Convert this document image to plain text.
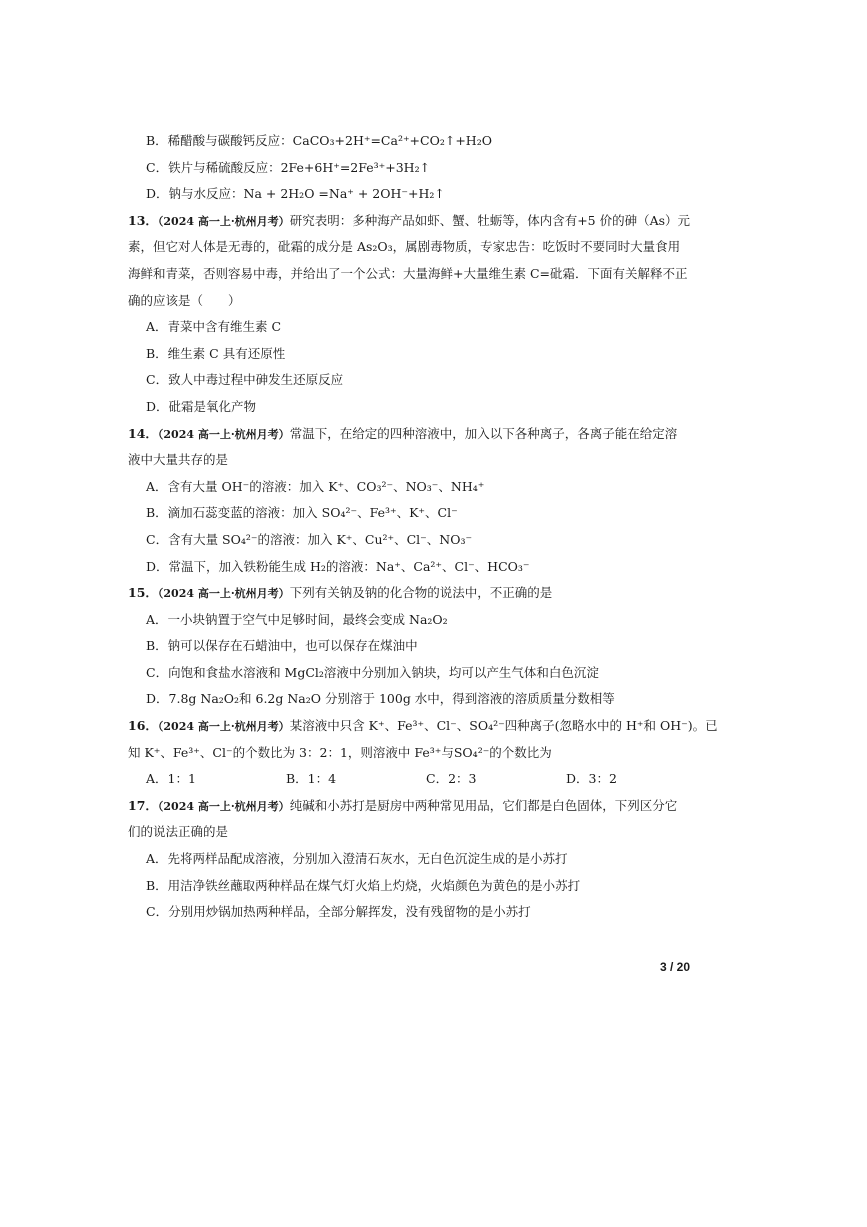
B．稀醋酸与碳酸钙反应：CaCO₃+2H⁺=Ca²⁺+CO₂↑+H₂O
C．铁片与稀硫酸反应：2Fe+6H⁺=2Fe³⁺+3H₂↑
D．钠与水反应：Na + 2H₂O =Na⁺ + 2OH⁻+H₂↑
13．（2024 高一上·杭州月考）研究表明：多种海产品如虾、蟹、牡蛎等，体内含有+5 价的砷（As）元
素，但它对人体是无毒的，砒霜的成分是 As₂O₃，属剧毒物质，专家忠告：吃饭时不要同时大量食用
海鲜和青菜，否则容易中毒，并给出了一个公式：大量海鲜+大量维生素 C=砒霜．下面有关解释不正
确的应该是（　　）
A．青菜中含有维生素 C
B．维生素 C 具有还原性
C．致人中毒过程中砷发生还原反应
D．砒霜是氧化产物
14．（2024 高一上·杭州月考）常温下，在给定的四种溶液中，加入以下各种离子，各离子能在给定溶
液中大量共存的是
A．含有大量 OH⁻的溶液：加入 K⁺、CO₃²⁻、NO₃⁻、NH₄⁺
B．滴加石蕊变蓝的溶液：加入 SO₄²⁻、Fe³⁺、K⁺、Cl⁻
C．含有大量 SO₄²⁻的溶液：加入 K⁺、Cu²⁺、Cl⁻、NO₃⁻
D．常温下，加入铁粉能生成 H₂的溶液：Na⁺、Ca²⁺、Cl⁻、HCO₃⁻
15．（2024 高一上·杭州月考）下列有关钠及钠的化合物的说法中，不正确的是
A．一小块钠置于空气中足够时间，最终会变成 Na₂O₂
B．钠可以保存在石蜡油中，也可以保存在煤油中
C．向饱和食盐水溶液和 MgCl₂溶液中分别加入钠块，均可以产生气体和白色沉淀
D．7.8g Na₂O₂和 6.2g Na₂O 分别溶于 100g 水中，得到溶液的溶质质量分数相等
16．（2024 高一上·杭州月考）某溶液中只含 K⁺、Fe³⁺、Cl⁻、SO₄²⁻四种离子(忽略水中的 H⁺和 OH⁻)。已
知 K⁺、Fe³⁺、Cl⁻的个数比为 3：2：1，则溶液中 Fe³⁺与SO₄²⁻的个数比为
A．1：1	B．1：4	C．2：3	D．3：2
17．（2024 高一上·杭州月考）纯碱和小苏打是厨房中两种常见用品，它们都是白色固体，下列区分它
们的说法正确的是
A．先将两样品配成溶液，分别加入澄清石灰水，无白色沉淀生成的是小苏打
B．用洁净铁丝蘸取两种样品在煤气灯火焰上灼烧，火焰颜色为黄色的是小苏打
C．分别用炒锅加热两种样品，全部分解挥发，没有残留物的是小苏打
3 / 20
